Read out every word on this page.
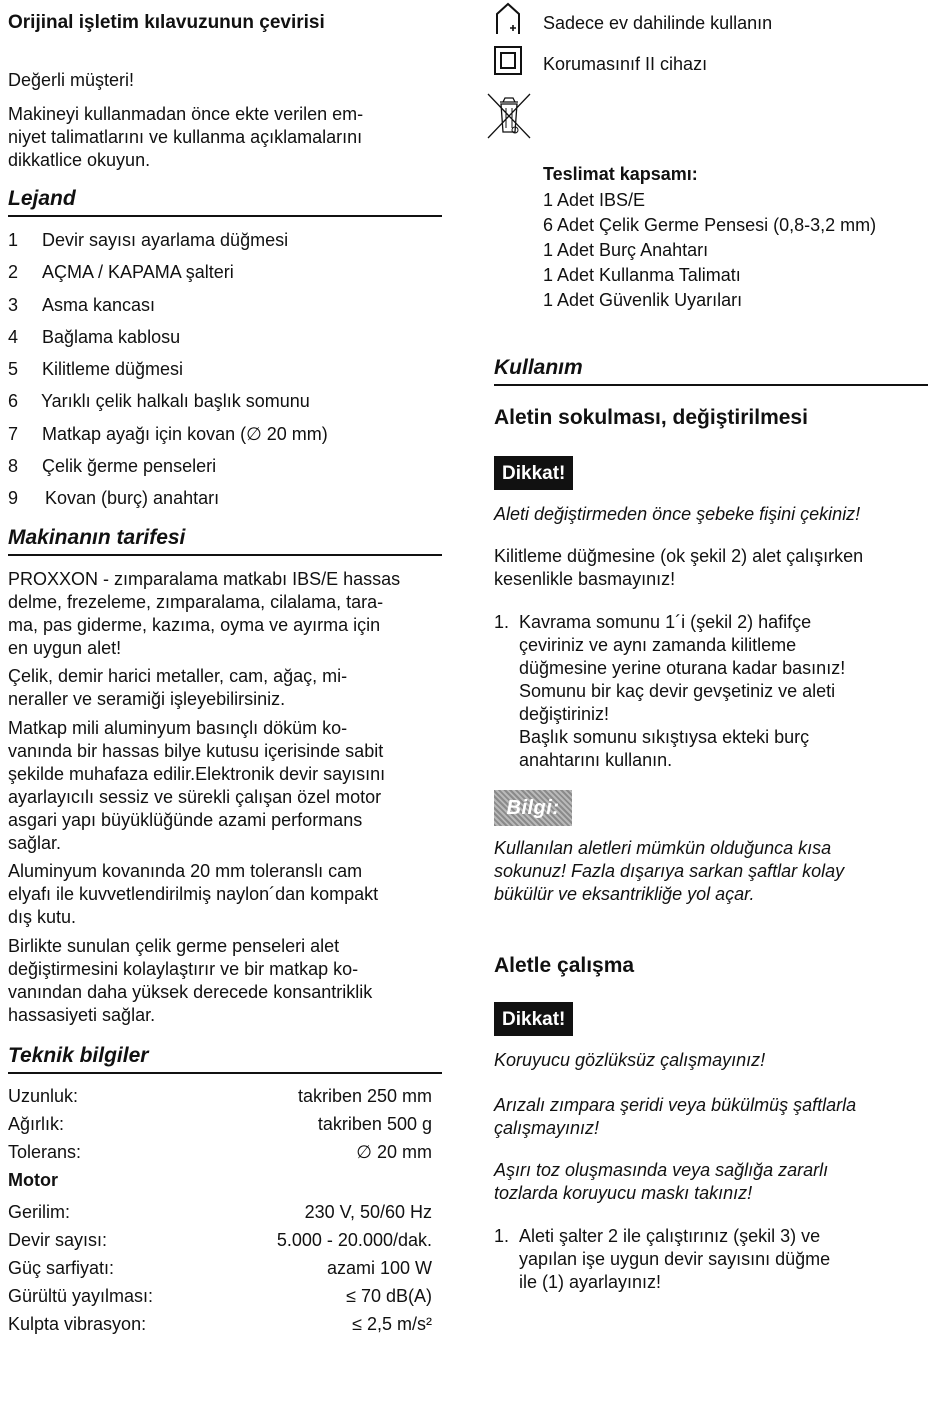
Orijinal işletim kılavuzunun çevirisi

Değerli müşteri!

Makineyi kullanmadan önce ekte verilen em-
niyet talimatlarını ve kullanma açıklamalarını
dikkatlice okuyun.
Lejand
1 Devir sayısı ayarlama düğmesi
2 AÇMA / KAPAMA şalteri
3 Asma kancası
4 Bağlama kablosu
5 Kilitleme düğmesi
6 Yarıklı çelik halkalı başlık somunu
7 Matkap ayağı için kovan (∅ 20 mm)
8 Çelik ğerme penseleri
9 Kovan (burç) anahtarı
Makinanın tarifesi
PROXXON - zımparalama matkabı IBS/E hassas
delme, frezeleme, zımparalama, cilalama, tara-
ma, pas giderme, kazıma, oyma ve ayırma için
en uygun alet!
Çelik, demir harici metaller, cam, ağaç, mi-
neraller ve seramiği işleyebilirsiniz.
Matkap mili aluminyum basınçlı döküm ko-
vanında bir hassas bilye kutusu içerisinde sabit
şekilde muhafaza edilir.Elektronik devir sayısını
ayarlayıcılı sessiz ve sürekli çalışan özel motor
asgari yapı büyüklüğünde azami performans
sağlar.
Aluminyum kovanında 20 mm toleranslı cam
elyafı ile kuvvetlendirilmiş naylon´dan kompakt
dış kutu.
Birlikte sunulan çelik germe penseleri alet
değiştirmesini kolaylaştırır ve bir matkap ko-
vanından daha yüksek derecede konsantriklik
hassasiyeti sağlar.
Teknik bilgiler
Uzunluk:	takriben 250 mm
Ağırlık:	takriben 500 g
Tolerans:	∅ 20 mm
Motor
Gerilim:	230 V, 50/60 Hz
Devir sayısı:	5.000 - 20.000/dak.
Güç sarfiyatı:	azami 100 W
Gürültü yayılması:	≤ 70 dB(A)
Kulpta vibrasyon:	≤ 2,5 m/s²
Sadece ev dahilinde kullanın
Korumasınıf II cihazı
Teslimat kapsamı:
1 Adet IBS/E
6 Adet Çelik Germe Pensesi (0,8-3,2 mm)
1 Adet Burç Anahtarı
1 Adet Kullanma Talimatı
1 Adet Güvenlik Uyarıları
Kullanım
Aletin sokulması, değiştirilmesi
Dikkat!
Aleti değiştirmeden önce şebeke fişini çekiniz!
Kilitleme düğmesine (ok şekil 2) alet çalışırken
kesenlikle basmayınız!
1. Kavrama somunu 1´i (şekil 2) hafifçe
çeviriniz ve aynı zamanda kilitleme
düğmesine yerine oturana kadar basınız!
Somunu bir kaç devir gevşetiniz ve aleti
değiştiriniz!
Başlık somunu sıkıştıysa ekteki burç
anahtarını kullanın.
Bilgi:
Kullanılan aletleri mümkün olduğunca kısa
sokunuz! Fazla dışarıya sarkan şaftlar kolay
bükülür ve eksantrikliğe yol açar.
Aletle çalışma
Dikkat!
Koruyucu gözlüksüz çalışmayınız!
Arızalı zımpara şeridi veya bükülmüş şaftlarla
çalışmayınız!
Aşırı toz oluşmasında veya sağlığa zararlı
tozlarda koruyucu maskı takınız!
1. Aleti şalter 2 ile çalıştırınız (şekil 3) ve
yapılan işe uygun devir sayısını düğme
ile (1) ayarlayınız!
